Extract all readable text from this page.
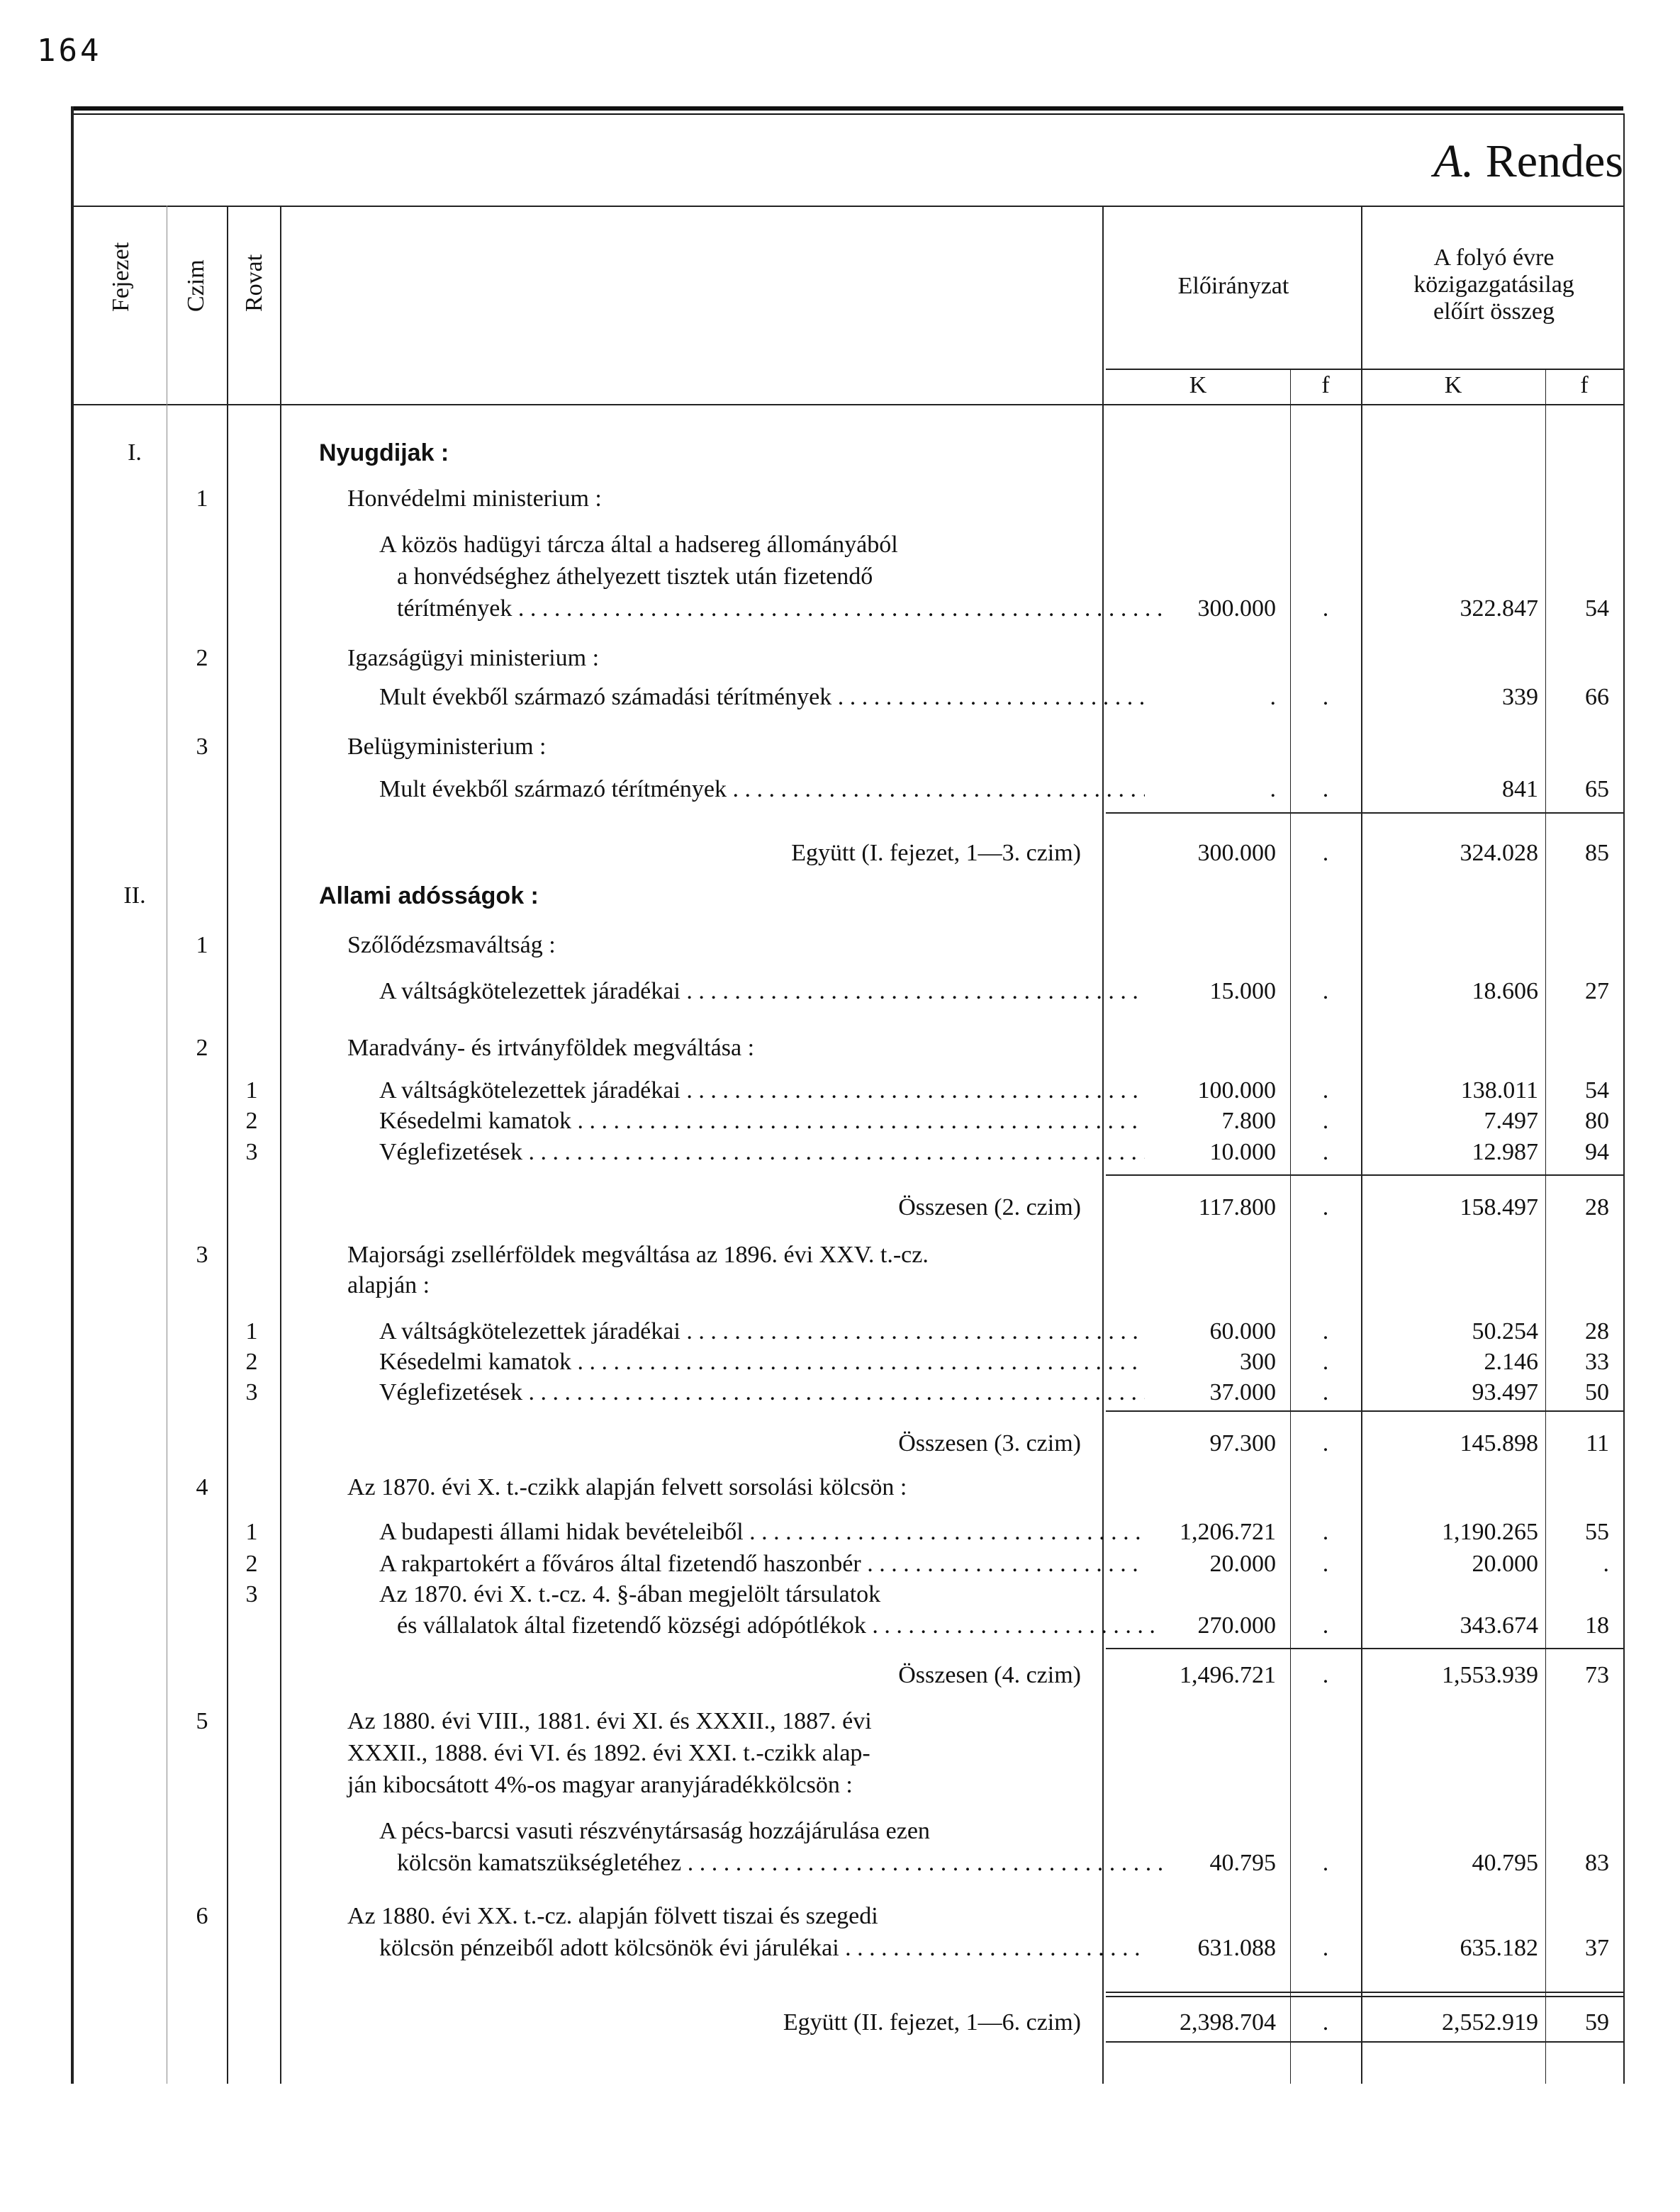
164
A. Rendes
Fejezet Czim Rovat	Előirányzat
A folyó évre
közigazgatásilag
előírt összeg
K	f	K	f
I.	Nyugdijak :
1	Honvédelmi ministerium :
A közös hadügyi tárcza által a hadsereg állományából
a honvédséghez áthelyezett tisztek után fizetendő
térítmények . . .	300.000	.	322.847	54
2	Igazságügyi ministerium :
Mult évekből származó számadási térítmények . . .	.	.	339	66
3	Belügyministerium :
Mult évekből származó térítmények . . .	.	.	841	65
Együtt (I. fejezet, 1—3. czim)	300.000	.	324.028	85
II.	Allami adósságok :
1	Szőlődézsmaváltság :
A váltságkötelezettek járadékai . . .	15.000	.	18.606	27
2	Maradvány- és irtványföldek megváltása :
1	A váltságkötelezettek járadékai . . .	100.000	.	138.011	54
2	Késedelmi kamatok . . .	7.800	.	7.497	80
3	Véglefizetések . . .	10.000	.	12.987	94
Összesen (2. czim)	117.800	.	158.497	28
3	Majorsági zsellérföldek megváltása az 1896. évi XXV. t.-cz.
alapján :
1	A váltságkötelezettek járadékai . . .	60.000	.	50.254	28
2	Késedelmi kamatok . . .	300	.	2.146	33
3	Véglefizetések . . .	37.000	.	93.497	50
Összesen (3. czim)	97.300	.	145.898	11
4	Az 1870. évi X. t.-czikk alapján felvett sorsolási kölcsön :
1	A budapesti állami hidak bevételeiből . . .	1,206.721	.	1,190.265	55
2	A rakpartokért a főváros által fizetendő haszonbér . . .	20.000	.	20.000	.
3	Az 1870. évi X. t.-cz. 4. §-ában megjelölt társulatok
és vállalatok által fizetendő községi adópótlékok . . .	270.000	.	343.674	18
Összesen (4. czim)	1,496.721	.	1,553.939	73
5	Az 1880. évi VIII., 1881. évi XI. és XXXII., 1887. évi
XXXII., 1888. évi VI. és 1892. évi XXI. t.-czikk alap-
ján kibocsátott 4%-os magyar aranyjáradékkölcsön :
A pécs-barcsi vasuti részvénytársaság hozzájárulása ezen
kölcsön kamatszükségletéhez . . .	40.795	.	40.795	83
6	Az 1880. évi XX. t.-cz. alapján fölvett tiszai és szegedi
kölcsön pénzeiből adott kölcsönök évi járulékai . . .	631.088	.	635.182	37
Együtt (II. fejezet, 1—6. czim)	2,398.704	.	2,552.919	59
